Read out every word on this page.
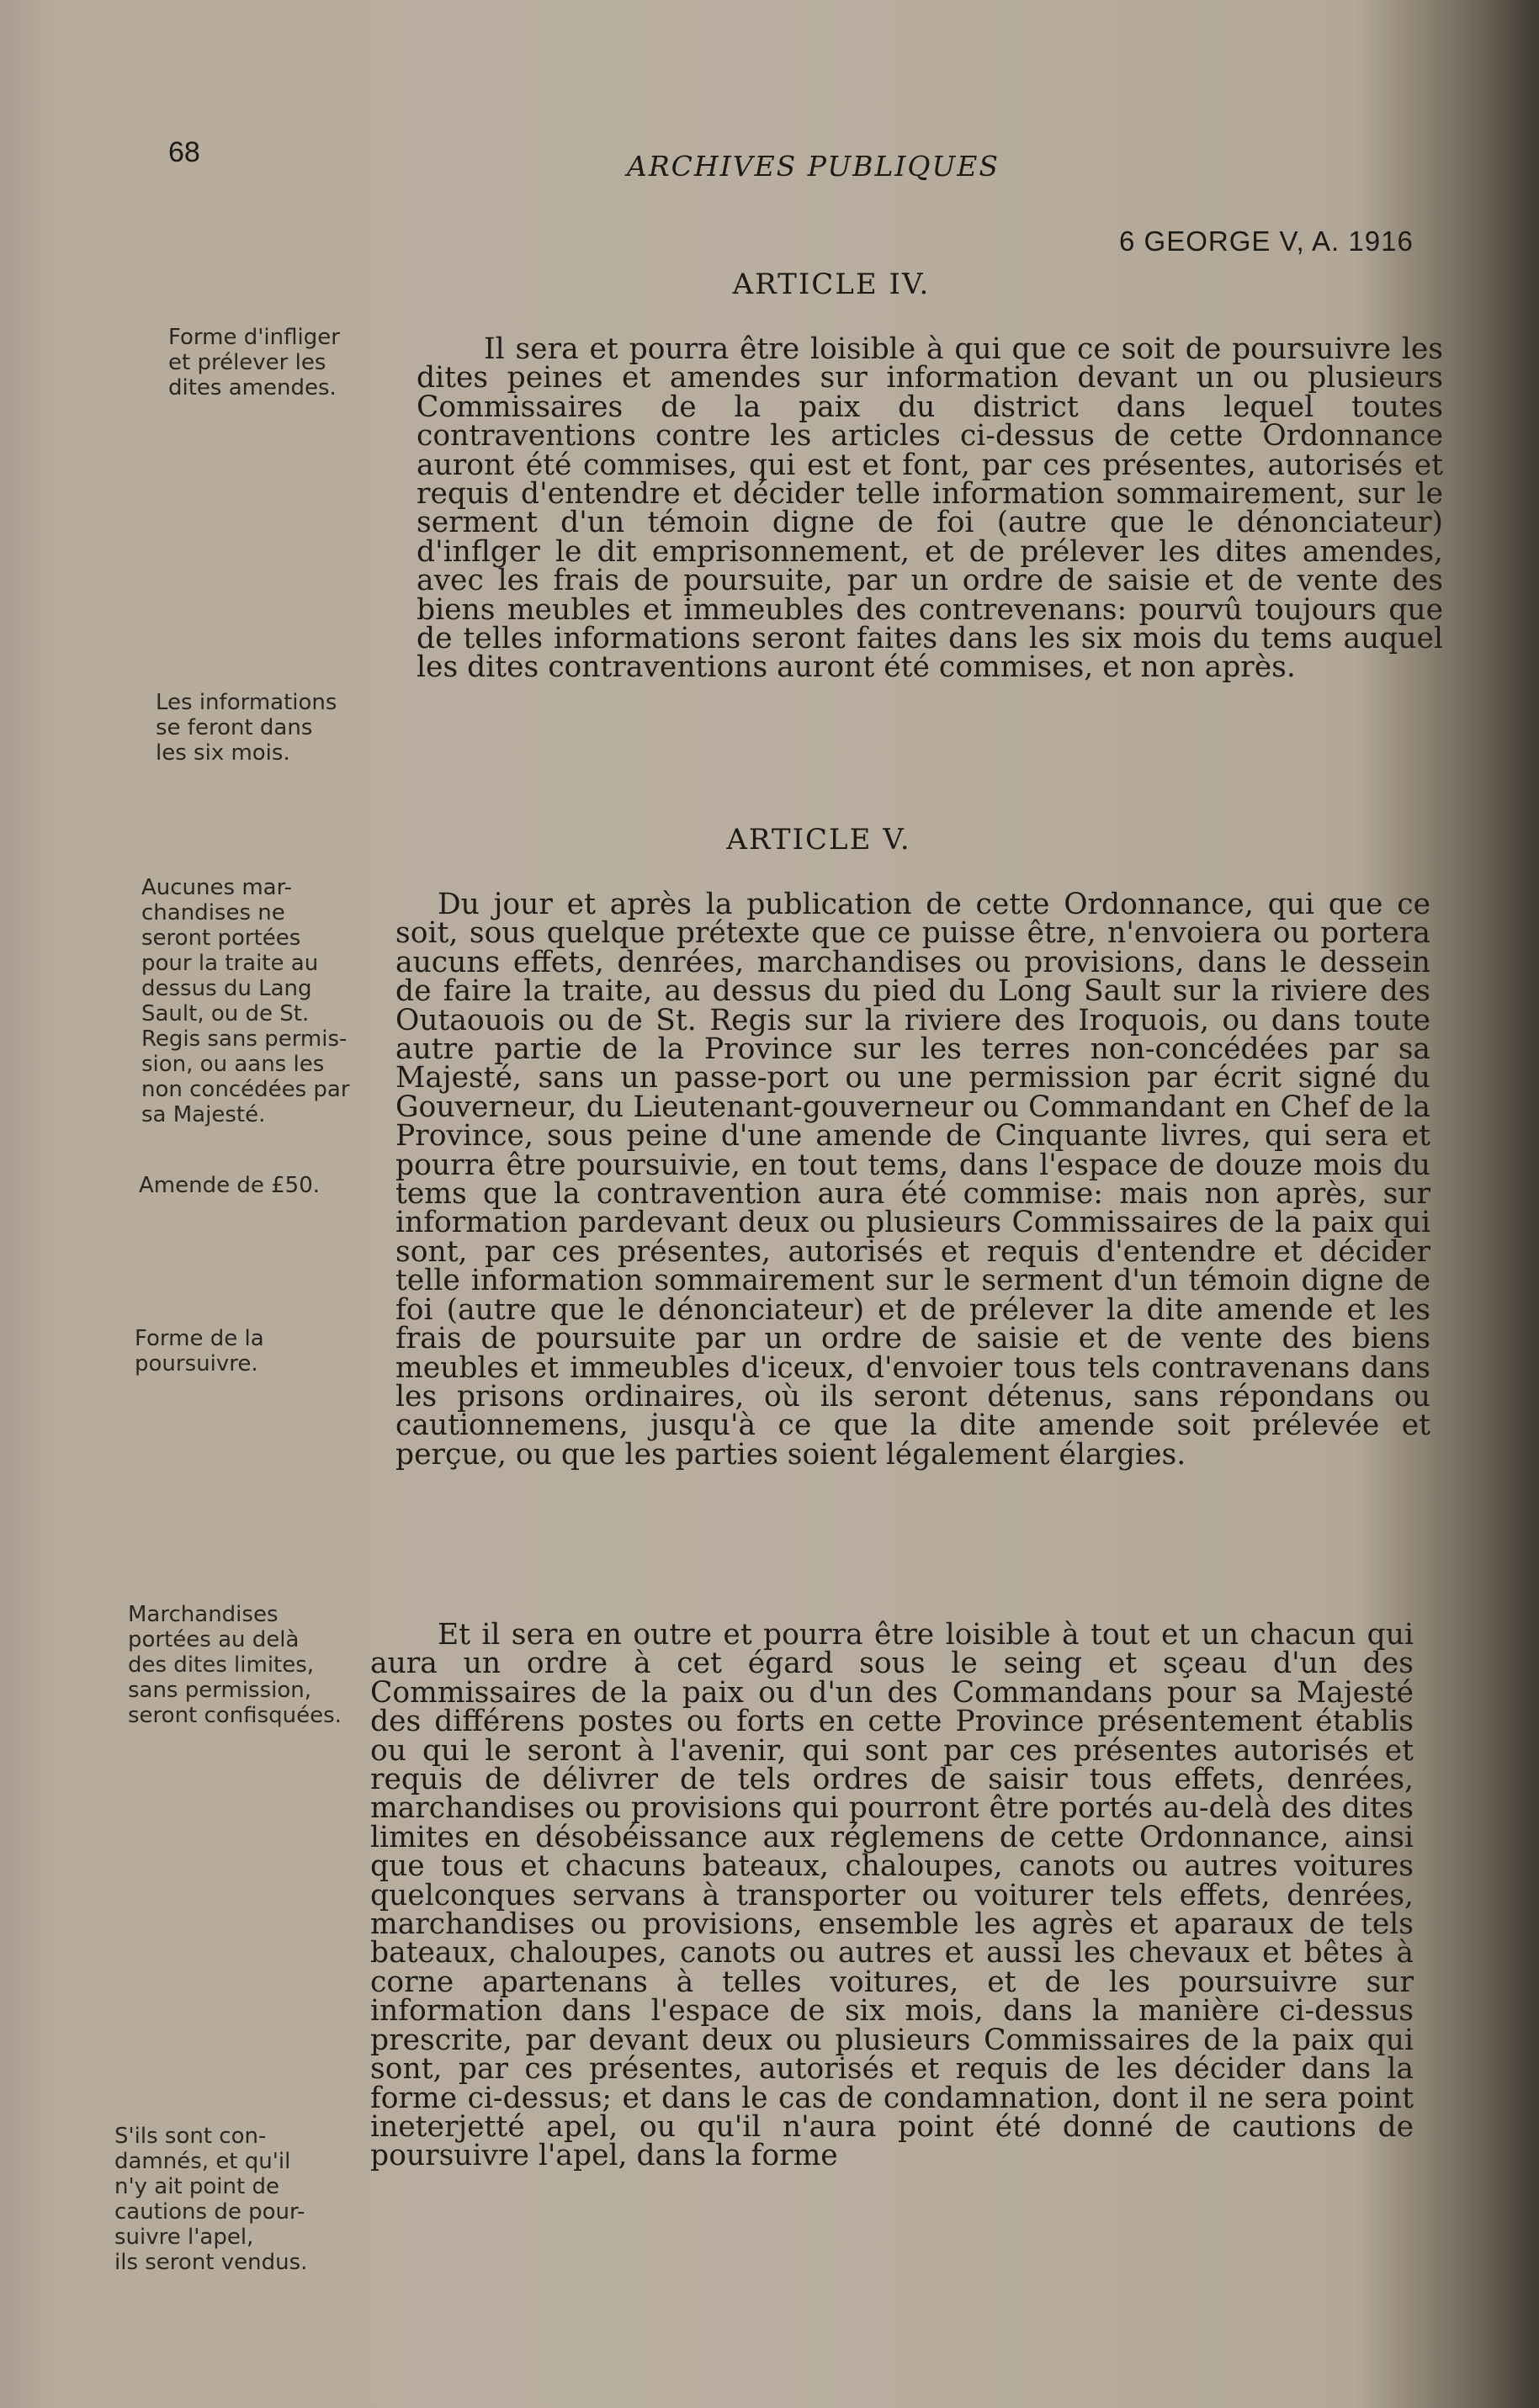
68	ARCHIVES PUBLIQUES
6 GEORGE V, A. 1916
ARTICLE IV.

Il sera et pourra être loisible à qui que ce soit de poursuivre les dites peines et amendes sur information devant un ou plusieurs Commissaires de la paix du district dans lequel toutes contraventions contre les articles ci-dessus de cette Ordonnance auront été commises, qui est et font, par ces présentes, autorisés et requis d'entendre et décider telle information sommairement, sur le serment d'un témoin digne de foi (autre que le dénonciateur) d'inflger le dit emprisonnement, et de prélever les dites amendes, avec les frais de poursuite, par un ordre de saisie et de vente des biens meubles et immeubles des contrevenans: pourvû toujours que de telles informations seront faites dans les six mois du tems auquel les dites contraventions auront été commises, et non après.

ARTICLE V.

Du jour et après la publication de cette Ordonnance, qui que ce soit, sous quelque prétexte que ce puisse être, n'envoiera ou portera aucuns effets, denrées, marchandises ou provisions, dans le dessein de faire la traite, au dessus du pied du Long Sault sur la riviere des Outaouois ou de St. Regis sur la riviere des Iroquois, ou dans toute autre partie de la Province sur les terres non-concédées par sa Majesté, sans un passe-port ou une permission par écrit signé du Gouverneur, du Lieutenant-gouverneur ou Commandant en Chef de la Province, sous peine d'une amende de Cinquante livres, qui sera et pourra être poursuivie, en tout tems, dans l'espace de douze mois du tems que la contravention aura été commise: mais non après, sur information pardevant deux ou plusieurs Commissaires de la paix qui sont, par ces présentes, autorisés et requis d'entendre et décider telle information sommairement sur le serment d'un témoin digne de foi (autre que le dénonciateur) et de prélever la dite amende et les frais de poursuite par un ordre de saisie et de vente des biens meubles et immeubles d'iceux, d'envoier tous tels contravenans dans les prisons ordinaires, où ils seront détenus, sans répondans ou cautionnemens, jusqu'à ce que la dite amende soit prélevée et perçue, ou que les parties soient légalement élargies.

Et il sera en outre et pourra être loisible à tout et un chacun qui aura un ordre à cet égard sous le seing et sçeau d'un des Commissaires de la paix ou d'un des Commandans pour sa Majesté des différens postes ou forts en cette Province présentement établis ou qui le seront à l'avenir, qui sont par ces présentes autorisés et requis de délivrer de tels ordres de saisir tous effets, denrées, marchandises ou provisions qui pourront être portés au-delà des dites limites en désobéissance aux réglemens de cette Ordonnance, ainsi que tous et chacuns bateaux, chaloupes, canots ou autres voitures quelconques servans à transporter ou voiturer tels effets, denrées, marchandises ou provisions, ensemble les agrès et aparaux de tels bateaux, chaloupes, canots ou autres et aussi les chevaux et bêtes à corne apartenans à telles voitures, et de les poursuivre sur information dans l'espace de six mois, dans la manière ci-dessus prescrite, par devant deux ou plusieurs Commissaires de la paix qui sont, par ces présentes, autorisés et requis de les décider dans la forme ci-dessus; et dans le cas de condamnation, dont il ne sera point ineterjetté apel, ou qu'il n'aura point été donné de cautions de poursuivre l'apel, dans la forme

Forme d'infliger
et prélever les
dites amendes.
Les informations
se feront dans
les six mois.
Aucunes mar-
chandises ne
seront portées
pour la traite au
dessus du Lang
Sault, ou de St.
Regis sans permis-
sion, ou aans les
non concédées par
sa Majesté.
Amende de £50.
Forme de la
poursuivre.
Marchandises
portées au delà
des dites limites,
sans permission,
seront confisquées.
S'ils sont con-
damnés, et qu'il
n'y ait point de
cautions de pour-
suivre l'apel,
ils seront vendus.
